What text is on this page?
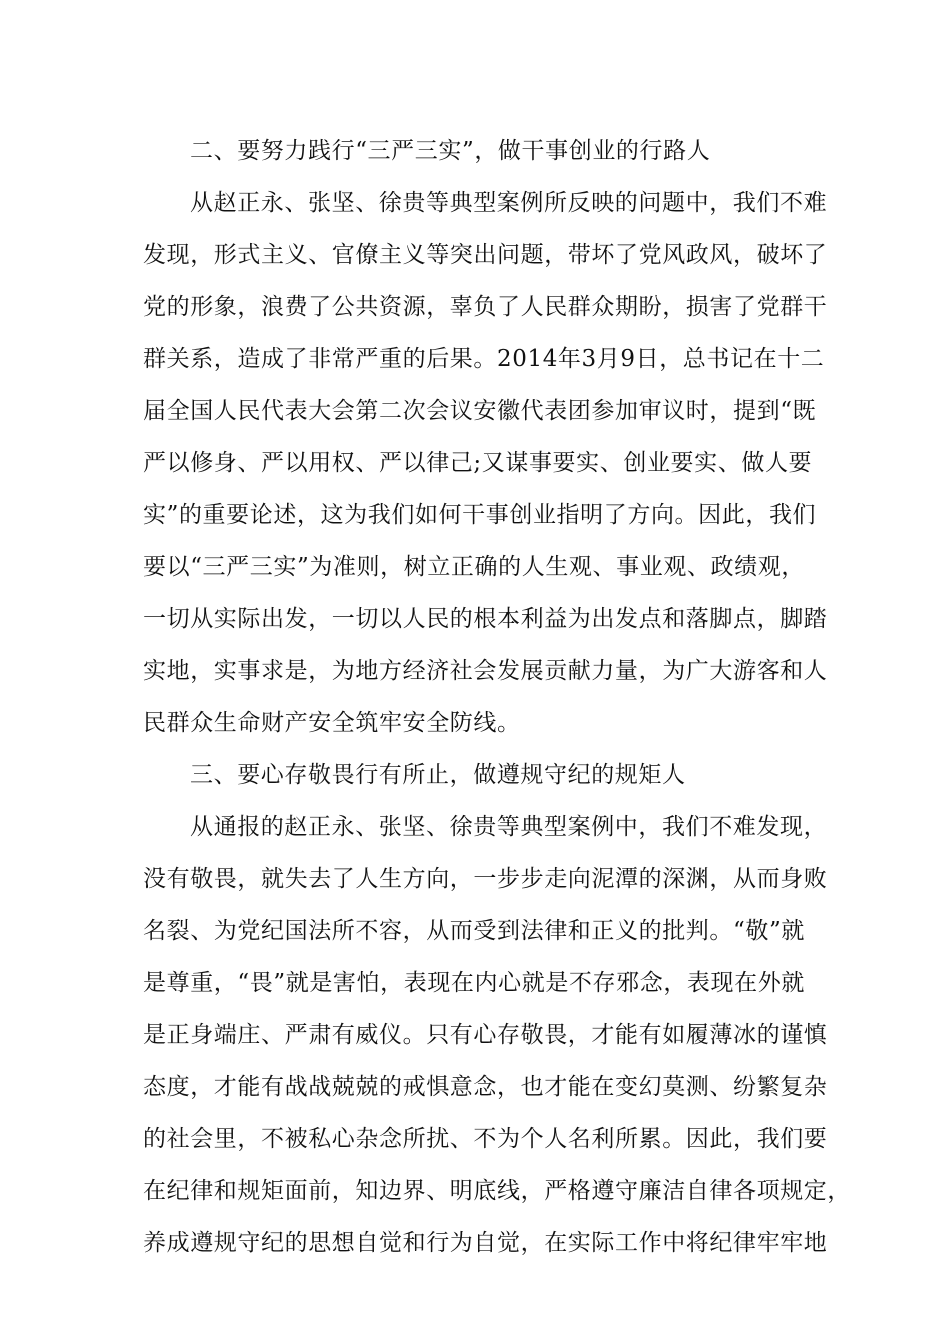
二、要努力践行“三严三实”，做干事创业的行路人
从赵正永、张坚、徐贵等典型案例所反映的问题中，我们不难
发现，形式主义、官僚主义等突出问题，带坏了党风政风，破坏了
党的形象，浪费了公共资源，辜负了人民群众期盼，损害了党群干
群关系，造成了非常严重的后果。2014年3月9日，总书记在十二
届全国人民代表大会第二次会议安徽代表团参加审议时，提到“既
严以修身、严以用权、严以律己;又谋事要实、创业要实、做人要
实”的重要论述，这为我们如何干事创业指明了方向。因此，我们
要以“三严三实”为准则，树立正确的人生观、事业观、政绩观，
一切从实际出发，一切以人民的根本利益为出发点和落脚点，脚踏
实地，实事求是，为地方经济社会发展贡献力量，为广大游客和人
民群众生命财产安全筑牢安全防线。
三、要心存敬畏行有所止，做遵规守纪的规矩人
从通报的赵正永、张坚、徐贵等典型案例中，我们不难发现，
没有敬畏，就失去了人生方向，一步步走向泥潭的深渊，从而身败
名裂、为党纪国法所不容，从而受到法律和正义的批判。“敬”就
是尊重，“畏”就是害怕，表现在内心就是不存邪念，表现在外就
是正身端庄、严肃有威仪。只有心存敬畏，才能有如履薄冰的谨慎
态度，才能有战战兢兢的戒惧意念，也才能在变幻莫测、纷繁复杂
的社会里，不被私心杂念所扰、不为个人名利所累。因此，我们要
在纪律和规矩面前，知边界、明底线，严格遵守廉洁自律各项规定，
养成遵规守纪的思想自觉和行为自觉，在实际工作中将纪律牢牢地
